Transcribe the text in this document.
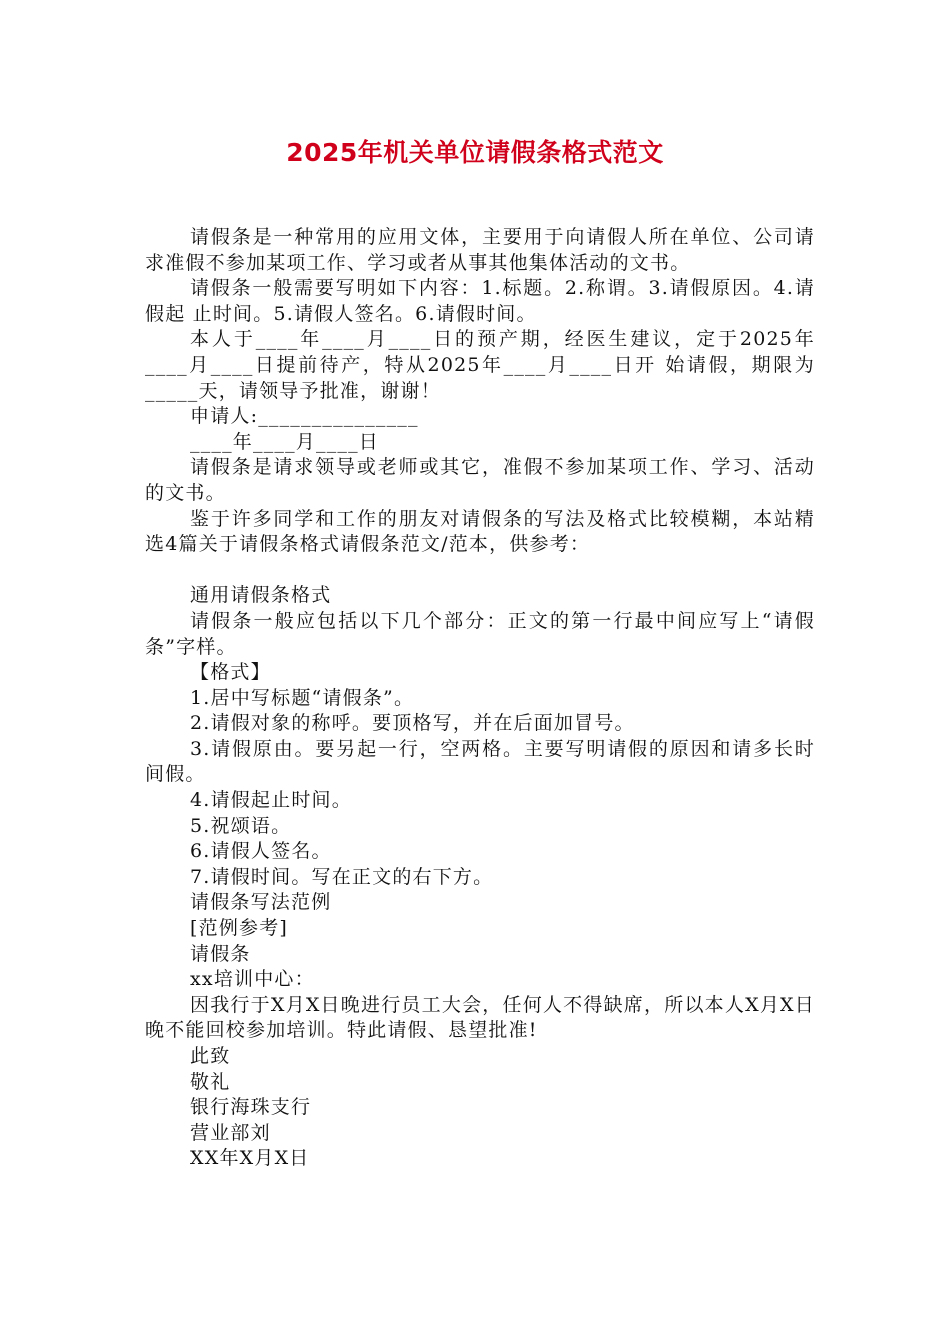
2025年机关单位请假条格式范文

请假条是一种常用的应用文体，主要用于向请假人所在单位、公司请求准假不参加某项工作、学习或者从事其他集体活动的文书。

请假条一般需要写明如下内容：1.标题。2.称谓。3.请假原因。4.请假起 止时间。5.请假人签名。6.请假时间。

本人于____年____月____日的预产期，经医生建议，定于2025年____月____日提前待产，特从2025年____月____日开 始请假，期限为_____天，请领导予批准，谢谢！

申请人:_______________

____年____月____日

请假条是请求领导或老师或其它，准假不参加某项工作、学习、活动的文书。

鉴于许多同学和工作的朋友对请假条的写法及格式比较模糊，本站精选4篇关于请假条格式请假条范文/范本，供参考：

通用请假条格式

请假条一般应包括以下几个部分：正文的第一行最中间应写上“请假条”字样。

【格式】

1.居中写标题“请假条”。

2.请假对象的称呼。要顶格写，并在后面加冒号。

3.请假原由。要另起一行，空两格。主要写明请假的原因和请多长时间假。

4.请假起止时间。

5.祝颂语。

6.请假人签名。

7.请假时间。写在正文的右下方。

请假条写法范例

[范例参考]

请假条

xx培训中心：

因我行于X月X日晚进行员工大会，任何人不得缺席，所以本人X月X日晚不能回校参加培训。特此请假、恳望批准!

此致

敬礼

银行海珠支行

营业部刘

XX年X月X日
